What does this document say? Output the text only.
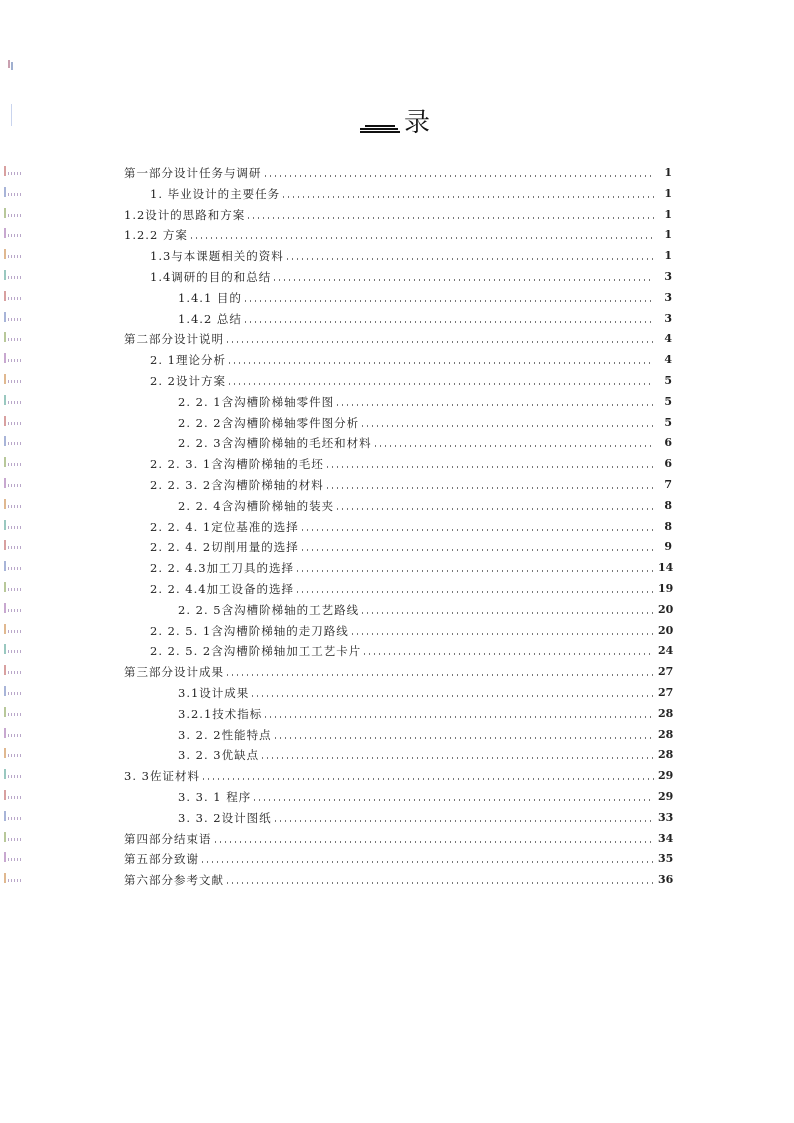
录
第一部分设计任务与调研	1
1. 毕业设计的主要任务	1
1.2设计的思路和方案	1
1.2.2 方案	1
1.3与本课题相关的资料	1
1.4调研的目的和总结	3
1.4.1 目的	3
1.4.2 总结	3
第二部分设计说明	4
2. 1理论分析	4
2. 2设计方案	5
2. 2. 1含沟槽阶梯轴零件图	5
2. 2. 2含沟槽阶梯轴零件图分析	5
2. 2. 3含沟槽阶梯轴的毛坯和材料	6
2. 2. 3. 1含沟槽阶梯轴的毛坯	6
2. 2. 3. 2含沟槽阶梯轴的材料	7
2. 2. 4含沟槽阶梯轴的装夹	8
2. 2. 4. 1定位基准的选择	8
2. 2. 4. 2切削用量的选择	9
2. 2. 4.3加工刀具的选择	14
2. 2. 4.4加工设备的选择	19
2. 2. 5含沟槽阶梯轴的工艺路线	20
2. 2. 5. 1含沟槽阶梯轴的走刀路线	20
2. 2. 5. 2含沟槽阶梯轴加工工艺卡片	24
第三部分设计成果	27
3.1设计成果	27
3.2.1技术指标	28
3. 2. 2性能特点	28
3. 2. 3优缺点	28
3. 3佐证材料	29
3. 3. 1 程序	29
3. 3. 2设计图纸	33
第四部分结束语	34
第五部分致谢	35
第六部分参考文献	36
